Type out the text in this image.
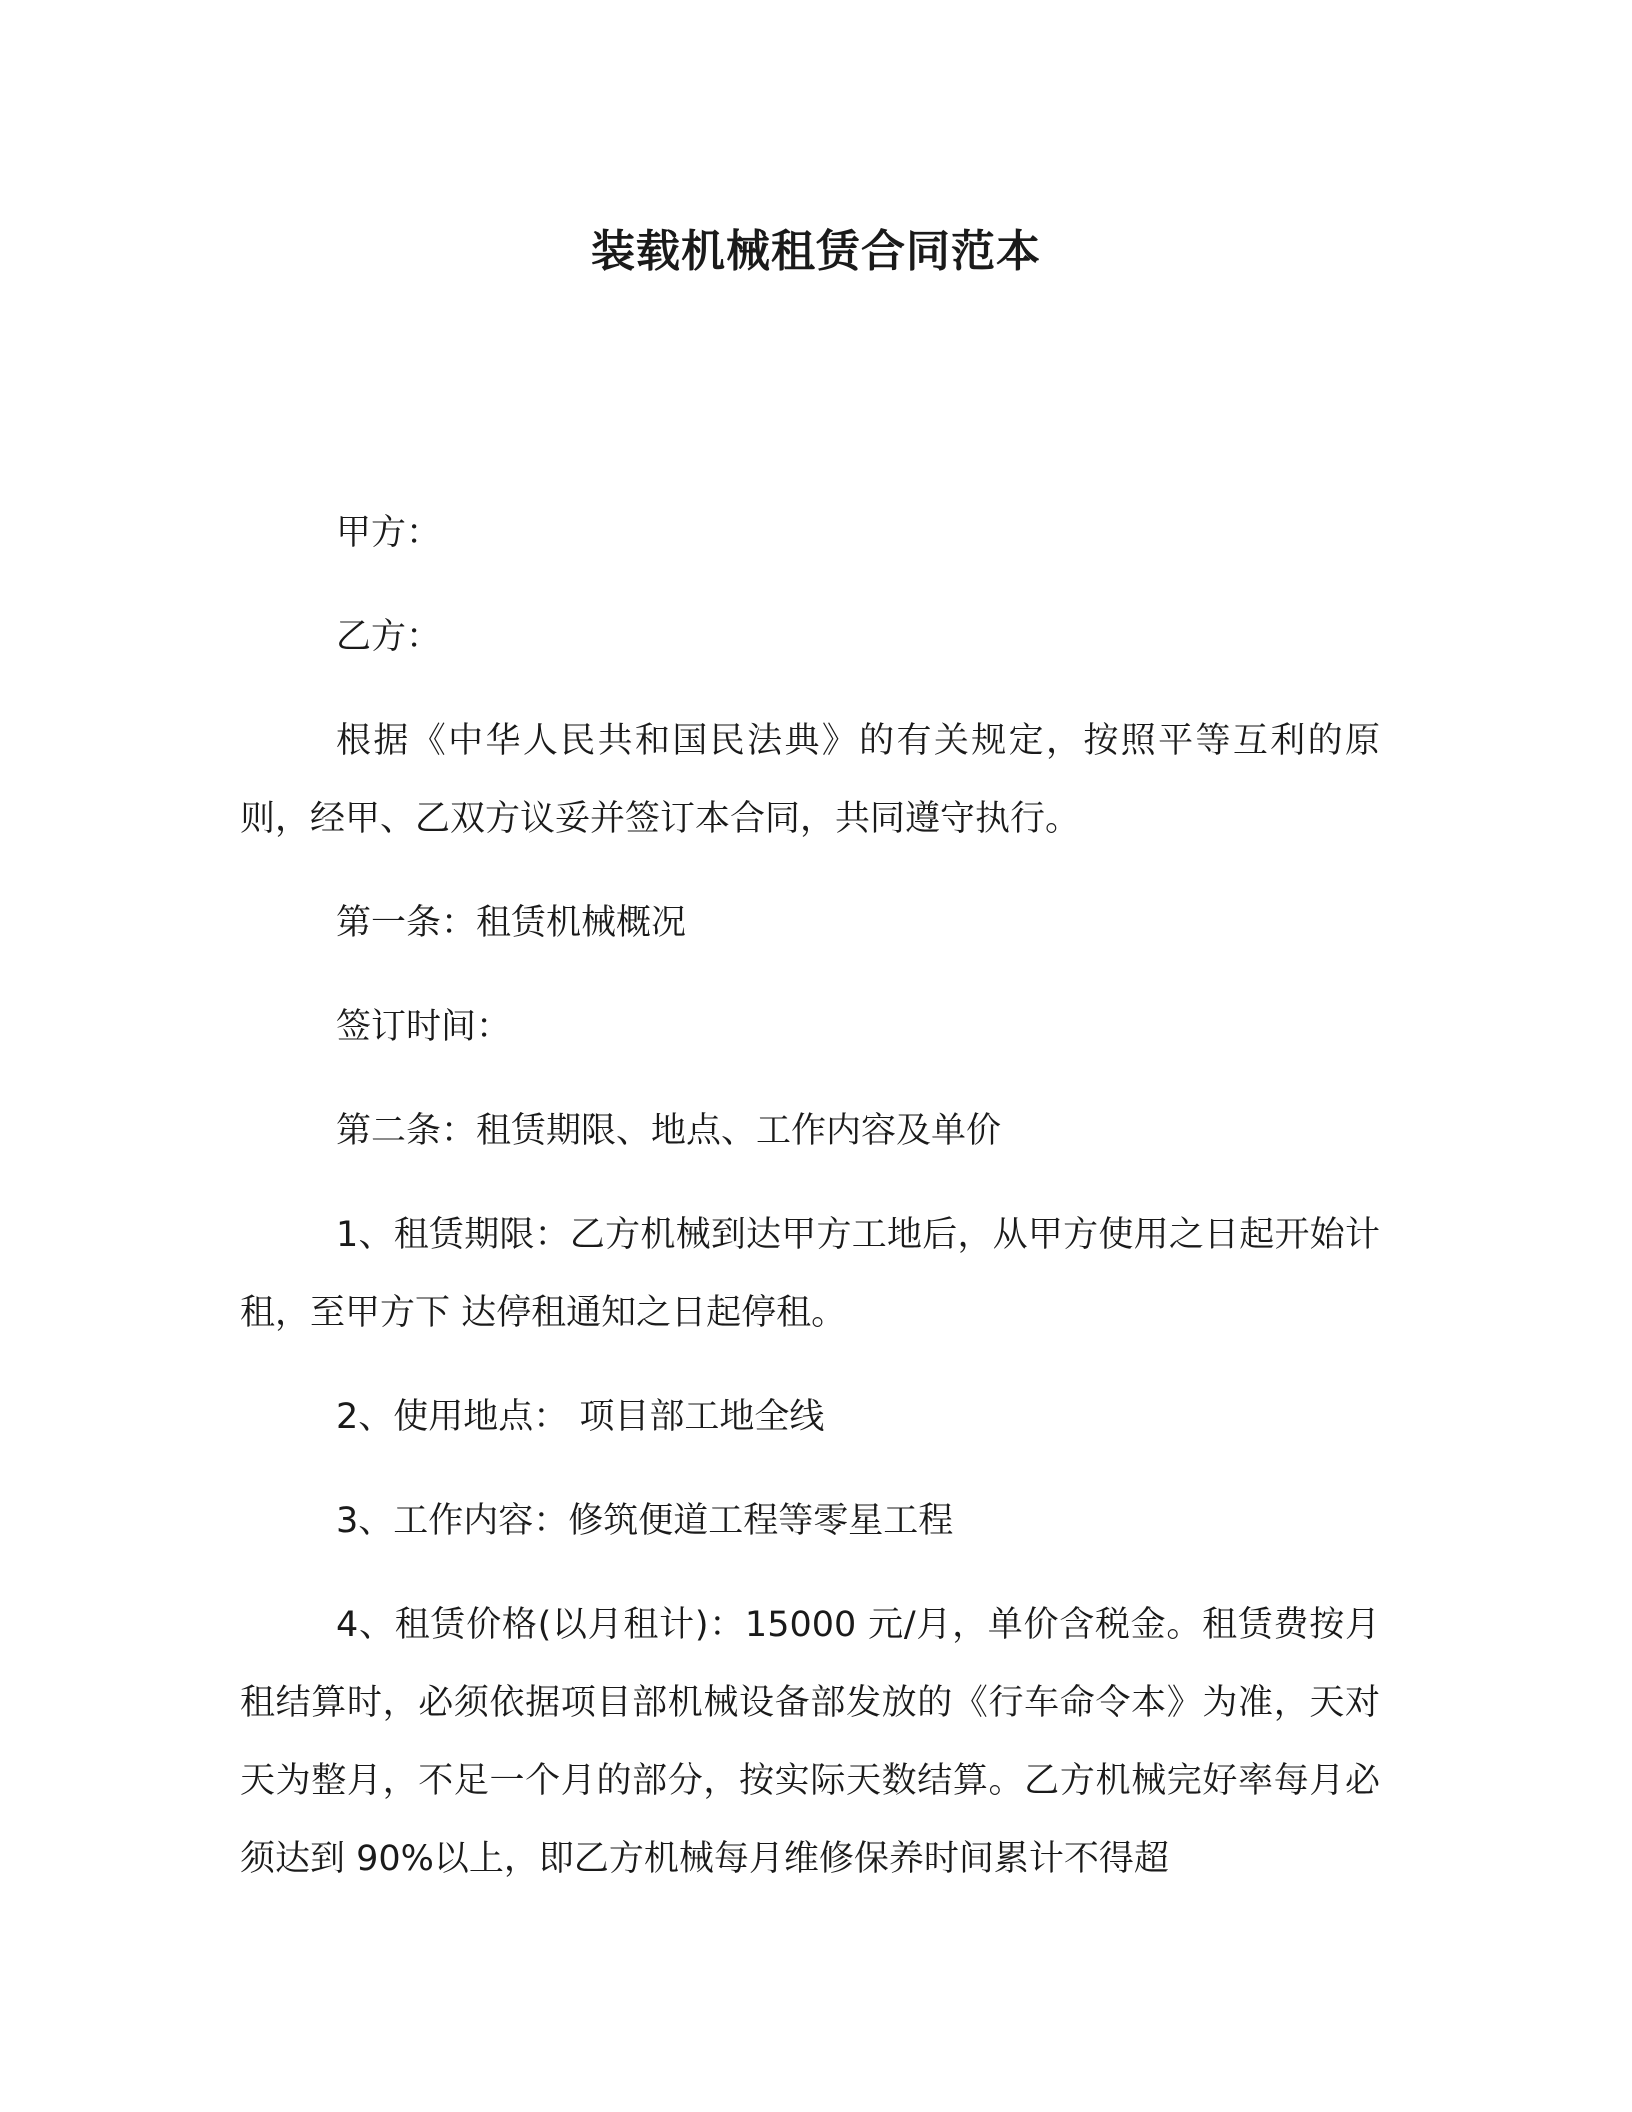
装载机械租赁合同范本

甲方：

乙方：

根据《中华人民共和国民法典》的有关规定，按照平等互利的原则，经甲、乙双方议妥并签订本合同，共同遵守执行。

第一条：租赁机械概况

签订时间：

第二条：租赁期限、地点、工作内容及单价

1、租赁期限：乙方机械到达甲方工地后，从甲方使用之日起开始计租，至甲方下 达停租通知之日起停租。

2、使用地点： 项目部工地全线

3、工作内容：修筑便道工程等零星工程

4、租赁价格(以月租计)：15000 元/月，单价含税金。租赁费按月租结算时，必须依据项目部机械设备部发放的《行车命令本》为准，天对天为整月，不足一个月的部分，按实际天数结算。乙方机械完好率每月必须达到 90%以上，即乙方机械每月维修保养时间累计不得超
